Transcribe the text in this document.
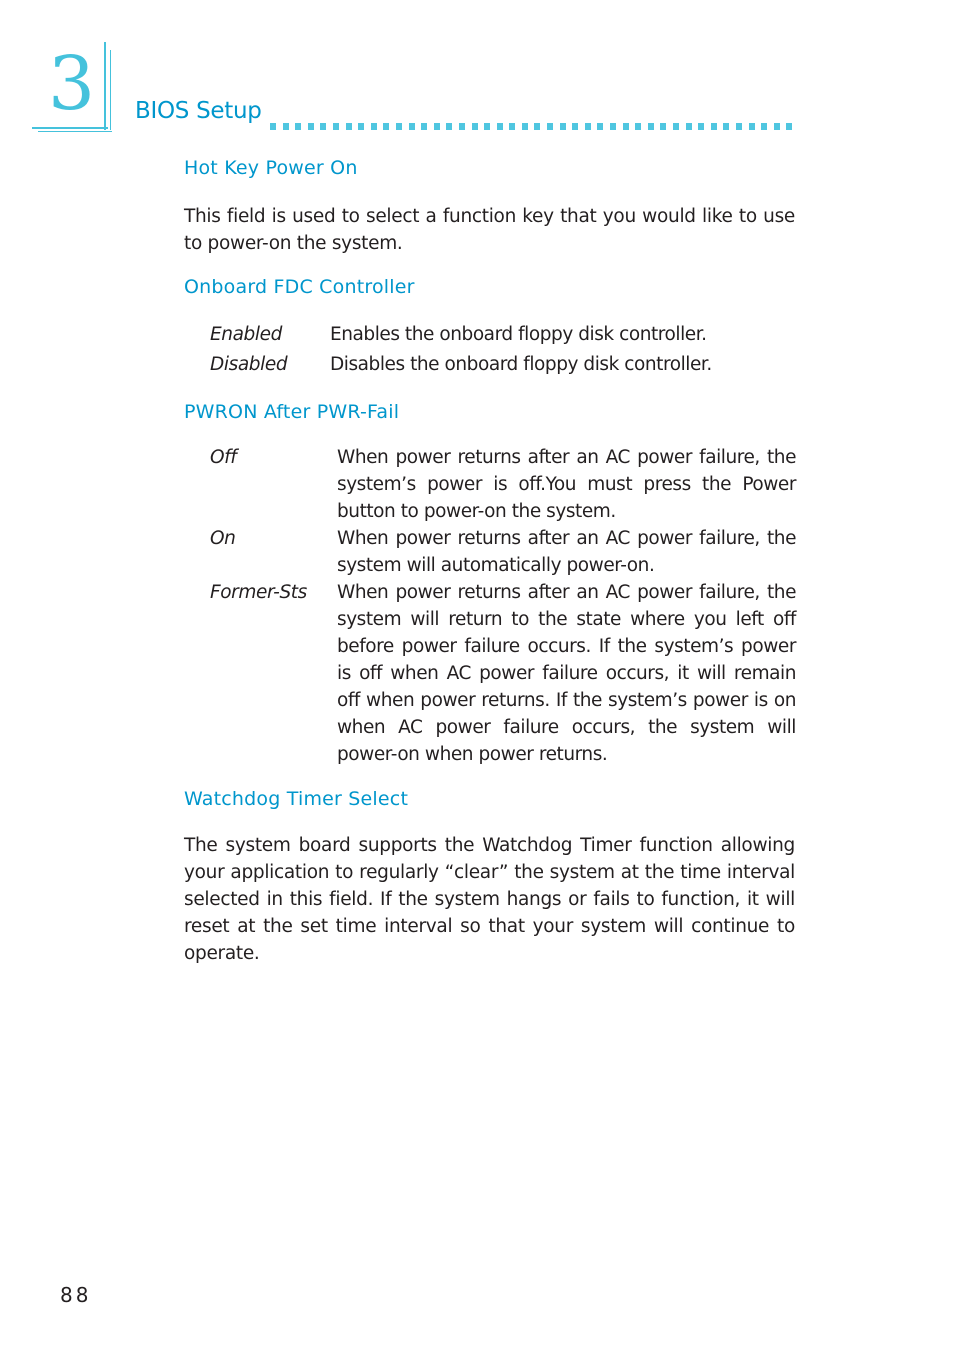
3 BIOS Setup
Hot Key Power On
This field is used to select a function key that you would like to use to power-on the system.
Onboard FDC Controller
Enabled	Enables the onboard floppy disk controller.
Disabled Disables the onboard floppy disk controller.
PWRON After PWR-Fail
Off	When power returns after an AC power failure, the system’s power is off.You must press the Power button to power-on the system.
On	When power returns after an AC power failure, the system will automatically power-on.
Former-Sts When power returns after an AC power failure, the system will return to the state where you left off before power failure occurs. If the system’s power is off when AC power failure occurs, it will remain off when power returns. If the system’s power is on when AC power failure occurs, the system will power-on when power returns.
Watchdog Timer Select
The system board supports the Watchdog Timer function allowing your application to regularly “clear” the system at the time interval selected in this field. If the system hangs or fails to function, it will reset at the set time interval so that your system will continue to operate.
88
